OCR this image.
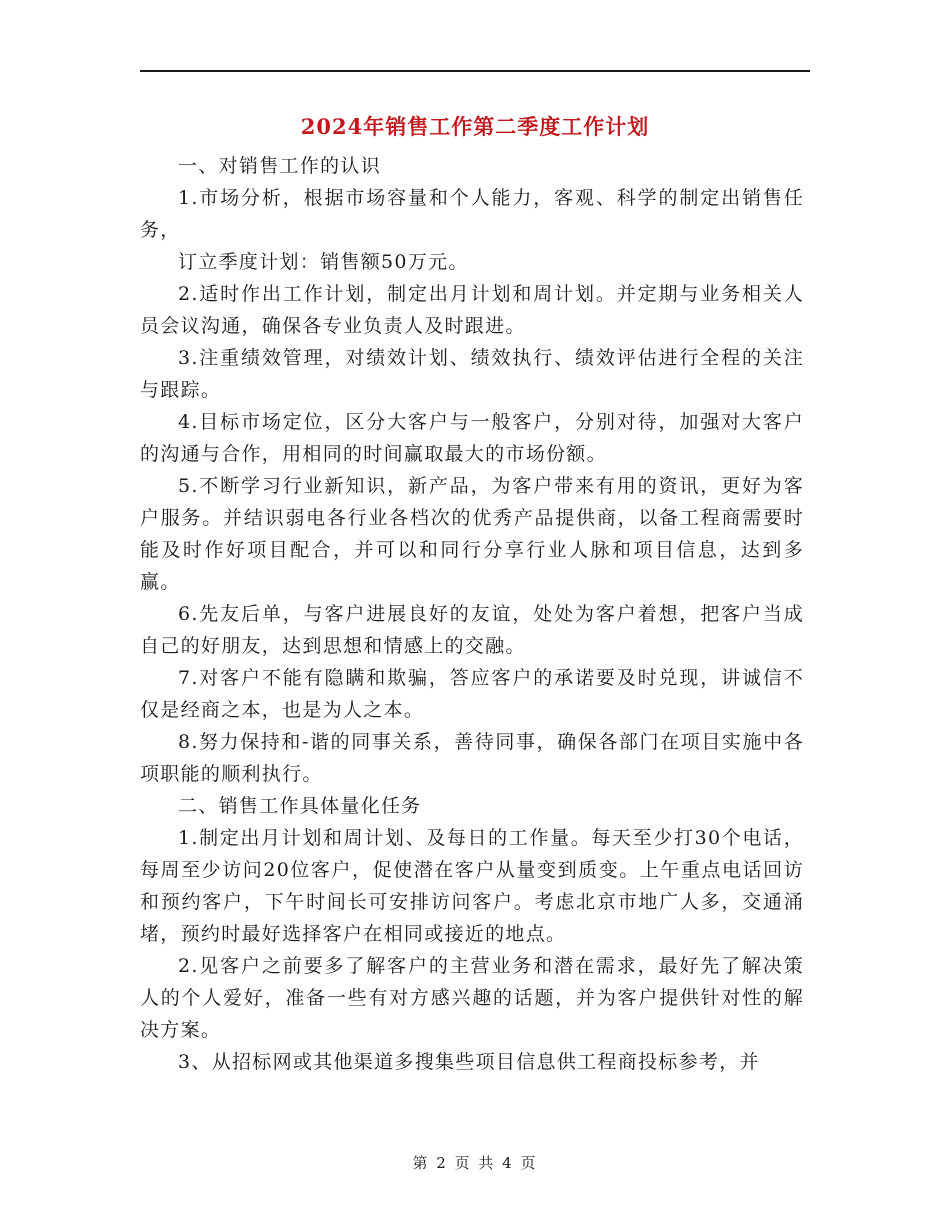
2024年销售工作第二季度工作计划

一、对销售工作的认识

1.市场分析，根据市场容量和个人能力，客观、科学的制定出销售任务，

订立季度计划：销售额50万元。

2.适时作出工作计划，制定出月计划和周计划。并定期与业务相关人员会议沟通，确保各专业负责人及时跟进。

3.注重绩效管理，对绩效计划、绩效执行、绩效评估进行全程的关注与跟踪。

4.目标市场定位，区分大客户与一般客户，分别对待，加强对大客户的沟通与合作，用相同的时间赢取最大的市场份额。

5.不断学习行业新知识，新产品，为客户带来有用的资讯，更好为客户服务。并结识弱电各行业各档次的优秀产品提供商，以备工程商需要时能及时作好项目配合，并可以和同行分享行业人脉和项目信息，达到多赢。

6.先友后单，与客户进展良好的友谊，处处为客户着想，把客户当成自己的好朋友，达到思想和情感上的交融。

7.对客户不能有隐瞒和欺骗，答应客户的承诺要及时兑现，讲诚信不仅是经商之本，也是为人之本。

8.努力保持和-谐的同事关系，善待同事，确保各部门在项目实施中各项职能的顺利执行。

二、销售工作具体量化任务

1.制定出月计划和周计划、及每日的工作量。每天至少打30个电话，每周至少访问20位客户，促使潜在客户从量变到质变。上午重点电话回访和预约客户，下午时间长可安排访问客户。考虑北京市地广人多，交通涌堵，预约时最好选择客户在相同或接近的地点。

2.见客户之前要多了解客户的主营业务和潜在需求，最好先了解决策人的个人爱好，准备一些有对方感兴趣的话题，并为客户提供针对性的解决方案。

3、从招标网或其他渠道多搜集些项目信息供工程商投标参考，并

第 2 页 共 4 页
